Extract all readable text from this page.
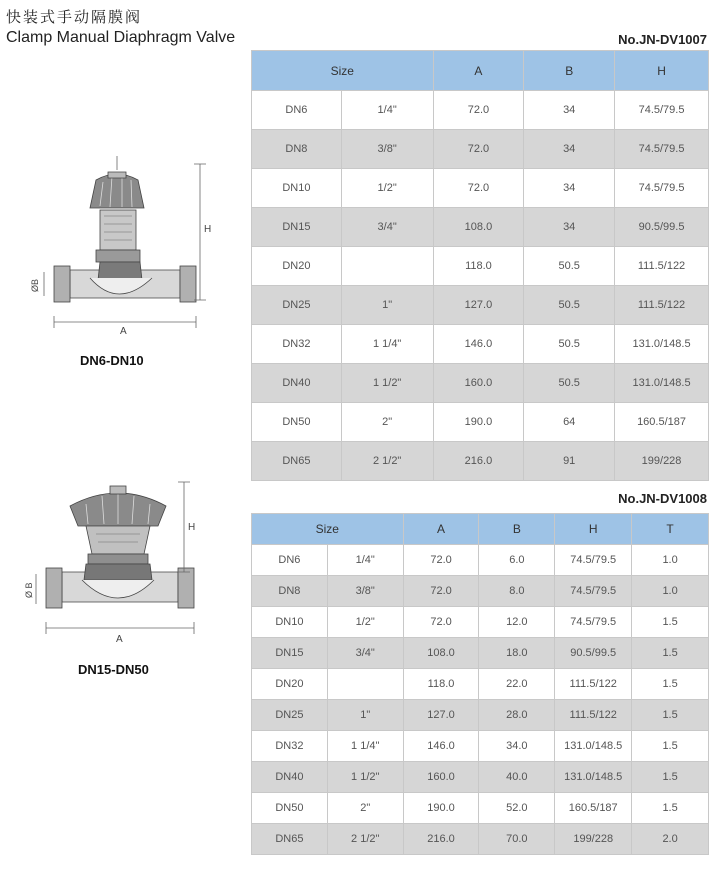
快装式手动隔膜阀
Clamp Manual Diaphragm Valve	No.JN-DV1007
No.JN-DV1008
H
ØB
A
DN6-DN10
H
Ø B
A
DN15-DN50
Size		A	B	H
DN6	1/4"	72.0	34	74.5/79.5
DN8	3/8"	72.0	34	74.5/79.5
DN10	1/2"	72.0	34	74.5/79.5
DN15	3/4"	108.0	34	90.5/99.5
DN20		118.0	50.5	111.5/122
DN25	1"	127.0	50.5	111.5/122
DN32	1 1/4"	146.0	50.5	131.0/148.5
DN40	1 1/2"	160.0	50.5	131.0/148.5
DN50	2"	190.0	64	160.5/187
DN65	2 1/2"	216.0	91	199/228
Size		A	B	H	T
DN6	1/4"	72.0	6.0	74.5/79.5	1.0
DN8	3/8"	72.0	8.0	74.5/79.5	1.0
DN10	1/2"	72.0	12.0	74.5/79.5	1.5
DN15	3/4"	108.0	18.0	90.5/99.5	1.5
DN20		118.0	22.0	111.5/122	1.5
DN25	1"	127.0	28.0	111.5/122	1.5
DN32	1 1/4"	146.0	34.0	131.0/148.5	1.5
DN40	1 1/2"	160.0	40.0	131.0/148.5	1.5
DN50	2"	190.0	52.0	160.5/187	1.5
DN65	2 1/2"	216.0	70.0	199/228	2.0
